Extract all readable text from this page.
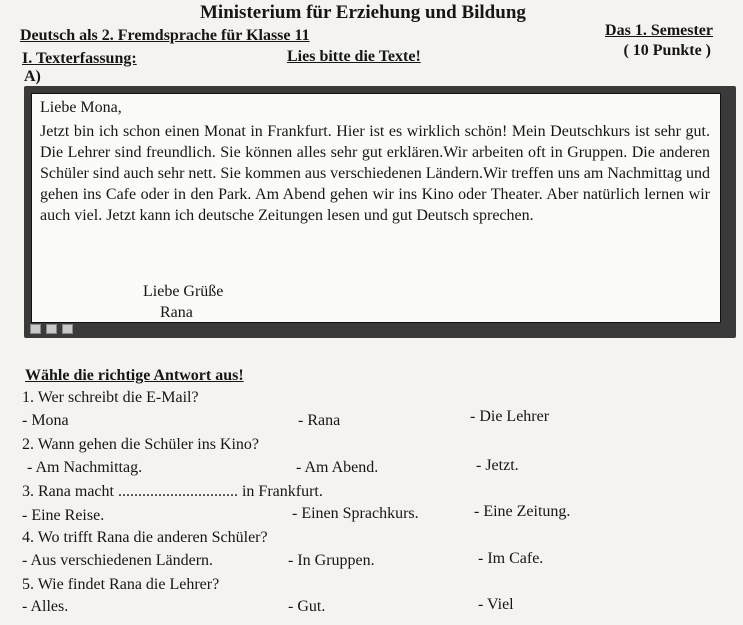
Ministerium für Erziehung und Bildung
Deutsch als 2. Fremdsprache für Klasse 11	Das 1. Semester
I. Texterfassung:	Lies bitte die Texte!	( 10 Punkte )
A)
Liebe Mona,
Jetzt bin ich schon einen Monat in Frankfurt. Hier ist es wirklich schön! Mein Deutschkurs ist sehr gut. Die Lehrer sind freundlich. Sie können alles sehr gut erklären.Wir arbeiten oft in Gruppen. Die anderen Schüler sind auch sehr nett. Sie kommen aus verschiedenen Ländern.Wir treffen uns am Nachmittag und gehen ins Cafe oder in den Park. Am Abend gehen wir ins Kino oder Theater. Aber natürlich lernen wir auch viel. Jetzt kann ich deutsche Zeitungen lesen und gut Deutsch sprechen.
Liebe Grüße
Rana
Wähle die richtige Antwort aus!
1. Wer schreibt die E-Mail?
- Mona	- Rana	- Die Lehrer
2. Wann gehen die Schüler ins Kino?
- Am Nachmittag.	- Am Abend.	- Jetzt.
3. Rana macht .............................. in Frankfurt.
- Eine Reise.	- Einen Sprachkurs.	- Eine Zeitung.
4. Wo trifft Rana die anderen Schüler?
- Aus verschiedenen Ländern.	- In Gruppen.	- Im Cafe.
5. Wie findet Rana die Lehrer?
- Alles.	- Gut.	- Viel
